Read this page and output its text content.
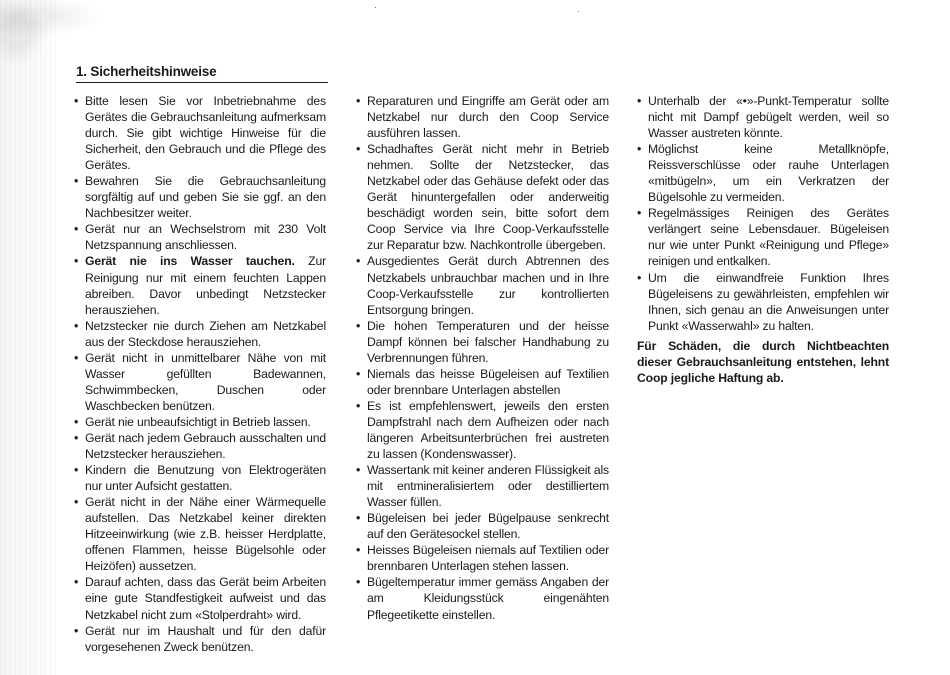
·	·
1. Sicherheitshinweise
• Bitte lesen Sie vor Inbetriebnahme des Gerätes die Gebrauchsanleitung aufmerksam durch. Sie gibt wichtige Hinweise für die Sicherheit, den Gebrauch und die Pflege des Gerätes.
• Bewahren Sie die Gebrauchsanleitung sorgfältig auf und geben Sie sie ggf. an den Nachbesitzer weiter.
• Gerät nur an Wechselstrom mit 230 Volt Netzspannung anschliessen.
• Gerät nie ins Wasser tauchen. Zur Reinigung nur mit einem feuchten Lappen abreiben. Davor unbedingt Netzstecker herausziehen.
• Netzstecker nie durch Ziehen am Netzkabel aus der Steckdose herausziehen.
• Gerät nicht in unmittelbarer Nähe von mit Wasser gefüllten Badewannen, Schwimmbecken, Duschen oder Waschbecken benützen.
• Gerät nie unbeaufsichtigt in Betrieb lassen.
• Gerät nach jedem Gebrauch ausschalten und Netzstecker herausziehen.
• Kindern die Benutzung von Elektrogeräten nur unter Aufsicht gestatten.
• Gerät nicht in der Nähe einer Wärmequelle aufstellen. Das Netzkabel keiner direkten Hitzeeinwirkung (wie z.B. heisser Herdplatte, offenen Flammen, heisse Bügelsohle oder Heizöfen) aussetzen.
• Darauf achten, dass das Gerät beim Arbeiten eine gute Standfestigkeit aufweist und das Netzkabel nicht zum «Stolperdraht» wird.
• Gerät nur im Haushalt und für den dafür vorgesehenen Zweck benützen.
• Reparaturen und Eingriffe am Gerät oder am Netzkabel nur durch den Coop Service ausführen lassen.
• Schadhaftes Gerät nicht mehr in Betrieb nehmen. Sollte der Netzstecker, das Netzkabel oder das Gehäuse defekt oder das Gerät hinuntergefallen oder anderweitig beschädigt worden sein, bitte sofort dem Coop Service via Ihre Coop-Verkaufsstelle zur Reparatur bzw. Nachkontrolle übergeben.
• Ausgedientes Gerät durch Abtrennen des Netzkabels unbrauchbar machen und in Ihre Coop-Verkaufsstelle zur kontrollierten Entsorgung bringen.
• Die hohen Temperaturen und der heisse Dampf können bei falscher Handhabung zu Verbrennungen führen.
• Niemals das heisse Bügeleisen auf Textilien oder brennbare Unterlagen abstellen
• Es ist empfehlenswert, jeweils den ersten Dampfstrahl nach dem Aufheizen oder nach längeren Arbeitsunterbrüchen frei austreten zu lassen (Kondenswasser).
• Wassertank mit keiner anderen Flüssigkeit als mit entmineralisiertem oder destilliertem Wasser füllen.
• Bügeleisen bei jeder Bügelpause senkrecht auf den Gerätesockel stellen.
• Heisses Bügeleisen niemals auf Textilien oder brennbaren Unterlagen stehen lassen.
• Bügeltemperatur immer gemäss Angaben der am Kleidungsstück eingenähten Pflegeetikette einstellen.
• Unterhalb der «•»-Punkt-Temperatur sollte nicht mit Dampf gebügelt werden, weil so Wasser austreten könnte.
• Möglichst keine Metallknöpfe, Reissverschlüsse oder rauhe Unterlagen «mitbügeln», um ein Verkratzen der Bügelsohle zu vermeiden.
• Regelmässiges Reinigen des Gerätes verlängert seine Lebensdauer. Bügeleisen nur wie unter Punkt «Reinigung und Pflege» reinigen und entkalken.
• Um die einwandfreie Funktion Ihres Bügeleisens zu gewährleisten, empfehlen wir Ihnen, sich genau an die Anweisungen unter Punkt «Wasserwahl» zu halten.
Für Schäden, die durch Nichtbeachten dieser Gebrauchsanleitung entstehen, lehnt Coop jegliche Haftung ab.
